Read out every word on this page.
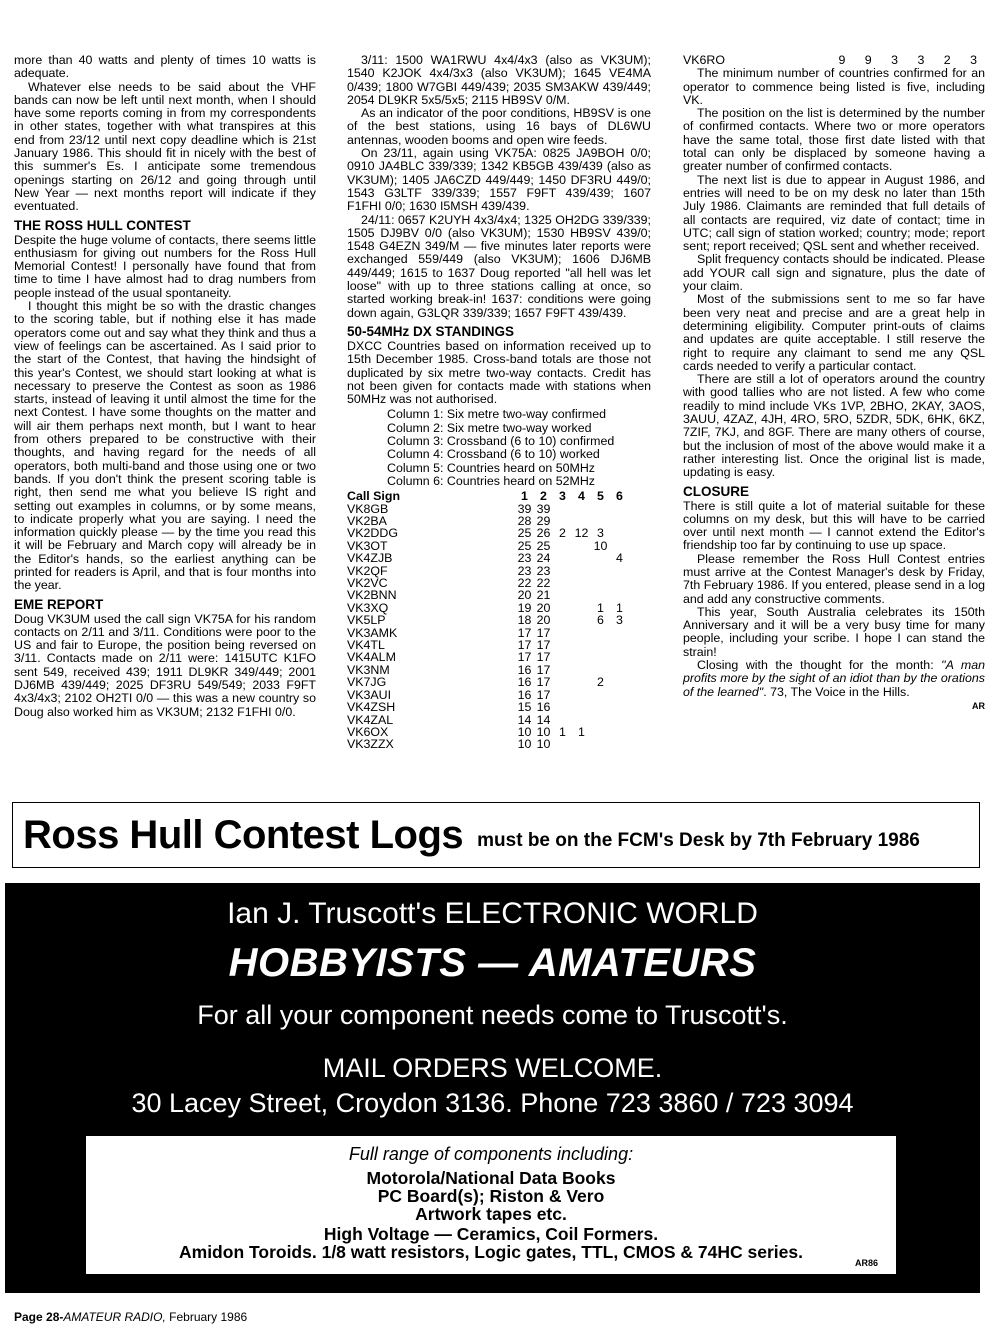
more than 40 watts and plenty of times 10 watts is adequate.

Whatever else needs to be said about the VHF bands can now be left until next month, when I should have some reports coming in from my correspondents in other states, together with what transpires at this end from 23/12 until next copy deadline which is 21st January 1986. This should fit in nicely with the best of this summer's Es. I anticipate some tremendous openings starting on 26/12 and going through until New Year — next months report will indicate if they eventuated.

THE ROSS HULL CONTEST

Despite the huge volume of contacts, there seems little enthusiasm for giving out numbers for the Ross Hull Memorial Contest! I personally have found that from time to time I have almost had to drag numbers from people instead of the usual spontaneity.

I thought this might be so with the drastic changes to the scoring table, but if nothing else it has made operators come out and say what they think and thus a view of feelings can be ascertained. As I said prior to the start of the Contest, that having the hindsight of this year's Contest, we should start looking at what is necessary to preserve the Contest as soon as 1986 starts, instead of leaving it until almost the time for the next Contest. I have some thoughts on the matter and will air them perhaps next month, but I want to hear from others prepared to be constructive with their thoughts, and having regard for the needs of all operators, both multi-band and those using one or two bands. If you don't think the present scoring table is right, then send me what you believe IS right and setting out examples in columns, or by some means, to indicate properly what you are saying. I need the information quickly please — by the time you read this it will be February and March copy will already be in the Editor's hands, so the earliest anything can be printed for readers is April, and that is four months into the year.

EME REPORT

Doug VK3UM used the call sign VK75A for his random contacts on 2/11 and 3/11. Conditions were poor to the US and fair to Europe, the position being reversed on 3/11. Contacts made on 2/11 were: 1415UTC K1FO sent 549, received 439; 1911 DL9KR 349/449; 2001 DJ6MB 439/449; 2025 DF3RU 549/549; 2033 F9FT 4x3/4x3; 2102 OH2TI 0/0 — this was a new country so Doug also worked him as VK3UM; 2132 F1FHI 0/0.

3/11: 1500 WA1RWU 4x4/4x3 (also as VK3UM); 1540 K2JOK 4x4/3x3 (also VK3UM); 1645 VE4MA 0/439; 1800 W7GBI 449/439; 2035 SM3AKW 439/449; 2054 DL9KR 5x5/5x5; 2115 HB9SV 0/M.

As an indicator of the poor conditions, HB9SV is one of the best stations, using 16 bays of DL6WU antennas, wooden booms and open wire feeds.

On 23/11, again using VK75A: 0825 JA9BOH 0/0; 0910 JA4BLC 339/339; 1342 KB5GB 439/439 (also as VK3UM); 1405 JA6CZD 449/449; 1450 DF3RU 449/0; 1543 G3LTF 339/339; 1557 F9FT 439/439; 1607 F1FHI 0/0; 1630 I5MSH 439/439.

24/11: 0657 K2UYH 4x3/4x4; 1325 OH2DG 339/339; 1505 DJ9BV 0/0 (also VK3UM); 1530 HB9SV 439/0; 1548 G4EZN 349/M — five minutes later reports were exchanged 559/449 (also VK3UM); 1606 DJ6MB 449/449; 1615 to 1637 Doug reported "all hell was let loose" with up to three stations calling at once, so started working break-in! 1637: conditions were going down again, G3LQR 339/339; 1657 F9FT 439/439.

50-54MHz DX STANDINGS

DXCC Countries based on information received up to 15th December 1985. Cross-band totals are those not duplicated by six metre two-way contacts. Credit has not been given for contacts made with stations when 50MHz was not authorised.

Column 1: Six metre two-way confirmed
Column 2: Six metre two-way worked
Column 3: Crossband (6 to 10) confirmed
Column 4: Crossband (6 to 10) worked
Column 5: Countries heard on 50MHz
Column 6: Countries heard on 52MHz
Call Sign	1	2	3	4	5	6
VK8GB	39	39				
VK2BA	28	29				
VK2DDG	25	26	2	12	3	
VK3OT	25	25			10	
VK4ZJB	23	24				4
VK2QF	23	23				
VK2VC	22	22				
VK2BNN	20	21				
VK3XQ	19	20			1	1
VK5LP	18	20			6	3
VK3AMK	17	17				
VK4TL	17	17				
VK4ALM	17	17				
VK3NM	16	17				
VK7JG	16	17			2	
VK3AUI	16	17				
VK4ZSH	15	16				
VK4ZAL	14	14				
VK6OX	10	10	1	1		
VK3ZZX	10	10				
VK6RO	9 9 3 3 2 3

The minimum number of countries confirmed for an operator to commence being listed is five, including VK.

The position on the list is determined by the number of confirmed contacts. Where two or more operators have the same total, those first date listed with that total can only be displaced by someone having a greater number of confirmed contacts.

The next list is due to appear in August 1986, and entries will need to be on my desk no later than 15th July 1986. Claimants are reminded that full details of all contacts are required, viz date of contact; time in UTC; call sign of station worked; country; mode; report sent; report received; QSL sent and whether received.

Split frequency contacts should be indicated. Please add YOUR call sign and signature, plus the date of your claim.

Most of the submissions sent to me so far have been very neat and precise and are a great help in determining eligibility. Computer print-outs of claims and updates are quite acceptable. I still reserve the right to require any claimant to send me any QSL cards needed to verify a particular contact.

There are still a lot of operators around the country with good tallies who are not listed. A few who come readily to mind include VKs 1VP, 2BHO, 2KAY, 3AOS, 3AUU, 4ZAZ, 4JH, 4RO, 5RO, 5ZDR, 5DK, 6HK, 6KZ, 7ZIF, 7KJ, and 8GF. There are many others of course, but the inclusion of most of the above would make it a rather interesting list. Once the original list is made, updating is easy.

CLOSURE

There is still quite a lot of material suitable for these columns on my desk, but this will have to be carried over until next month — I cannot extend the Editor's friendship too far by continuing to use up space.

Please remember the Ross Hull Contest entries must arrive at the Contest Manager's desk by Friday, 7th February 1986. If you entered, please send in a log and add any constructive comments.

This year, South Australia celebrates its 150th Anniversary and it will be a very busy time for many people, including your scribe. I hope I can stand the strain!

Closing with the thought for the month: "A man profits more by the sight of an idiot than by the orations of the learned". 73, The Voice in the Hills.

AR
Ross Hull Contest Logs must be on the FCM's Desk by 7th February 1986
Ian J. Truscott's ELECTRONIC WORLD
HOBBYISTS — AMATEURS
For all your component needs come to Truscott's.
MAIL ORDERS WELCOME.
30 Lacey Street, Croydon 3136. Phone 723 3860 / 723 3094
Full range of components including:
Motorola/National Data Books
PC Board(s); Riston & Vero
Artwork tapes etc.
High Voltage — Ceramics, Coil Formers.
Amidon Toroids. 1/8 watt resistors, Logic gates, TTL, CMOS & 74HC series.
AR86
Page 28-AMATEUR RADIO, February 1986
